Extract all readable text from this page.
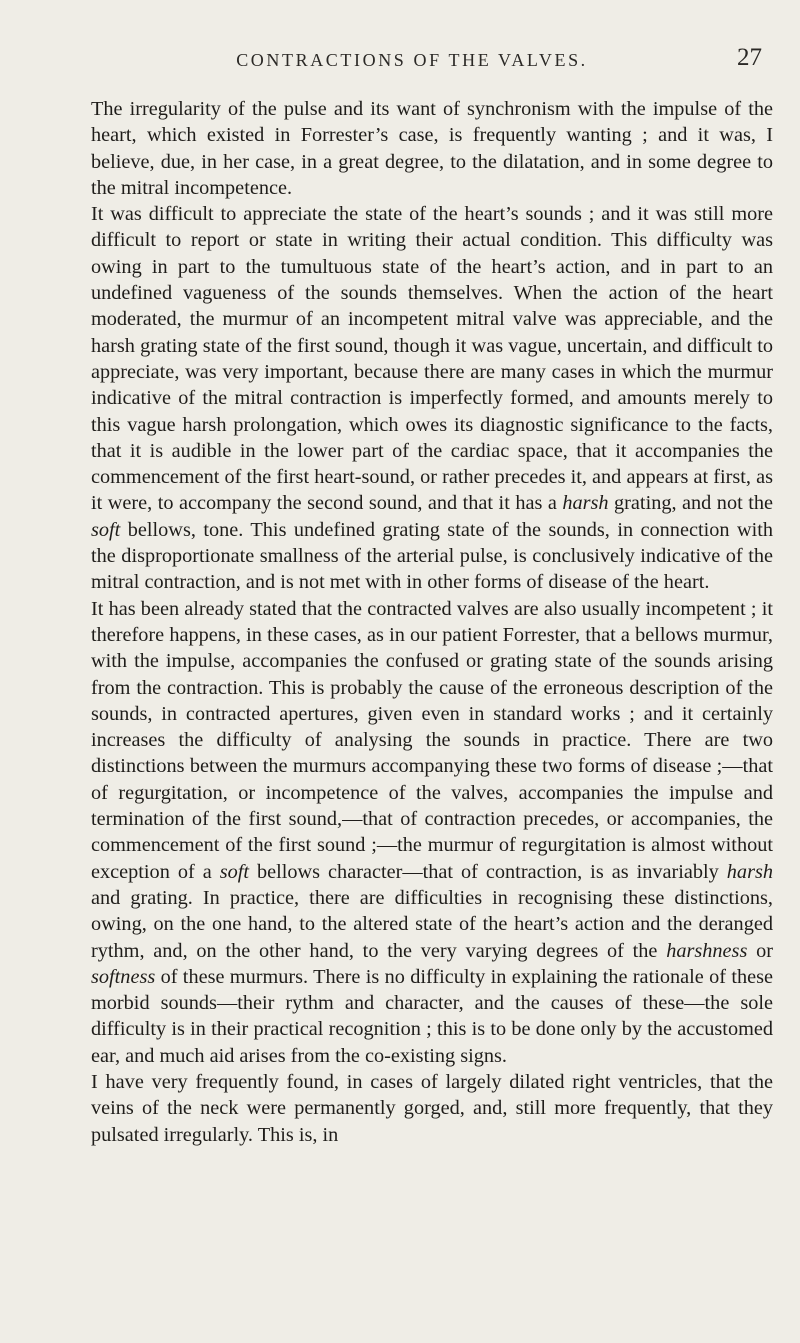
CONTRACTIONS OF THE VALVES.	27

The irregularity of the pulse and its want of synchronism with the impulse of the heart, which existed in Forrester’s case, is frequently wanting ; and it was, I believe, due, in her case, in a great degree, to the dilatation, and in some degree to the mitral incompetence.

It was difficult to appreciate the state of the heart’s sounds ; and it was still more difficult to report or state in writing their actual condition. This difficulty was owing in part to the tumultuous state of the heart’s action, and in part to an undefined vagueness of the sounds themselves. When the action of the heart moderated, the murmur of an incompetent mitral valve was appreciable, and the harsh grating state of the first sound, though it was vague, uncertain, and difficult to appreciate, was very important, because there are many cases in which the murmur indicative of the mitral contraction is imperfectly formed, and amounts merely to this vague harsh prolongation, which owes its diagnostic significance to the facts, that it is audible in the lower part of the cardiac space, that it accompanies the commencement of the first heart-sound, or rather precedes it, and appears at first, as it were, to accompany the second sound, and that it has a harsh grating, and not the soft bellows, tone. This undefined grating state of the sounds, in connection with the disproportionate smallness of the arterial pulse, is conclusively indicative of the mitral contraction, and is not met with in other forms of disease of the heart.

It has been already stated that the contracted valves are also usually incompetent ; it therefore happens, in these cases, as in our patient Forrester, that a bellows murmur, with the impulse, accompanies the confused or grating state of the sounds arising from the contraction. This is probably the cause of the erroneous description of the sounds, in contracted apertures, given even in standard works ; and it certainly increases the difficulty of analysing the sounds in practice. There are two distinctions between the murmurs accompanying these two forms of disease ;—that of regurgitation, or incompetence of the valves, accompanies the impulse and termination of the first sound,—that of contraction precedes, or accompanies, the commencement of the first sound ;—the murmur of regurgitation is almost without exception of a soft bellows character—that of contraction, is as invariably harsh and grating. In practice, there are difficulties in recognising these distinctions, owing, on the one hand, to the altered state of the heart’s action and the deranged rythm, and, on the other hand, to the very varying degrees of the harshness or softness of these murmurs. There is no difficulty in explaining the rationale of these morbid sounds—their rythm and character, and the causes of these—the sole difficulty is in their practical recognition ; this is to be done only by the accustomed ear, and much aid arises from the co-existing signs.

I have very frequently found, in cases of largely dilated right ventricles, that the veins of the neck were permanently gorged, and, still more frequently, that they pulsated irregularly. This is, in
